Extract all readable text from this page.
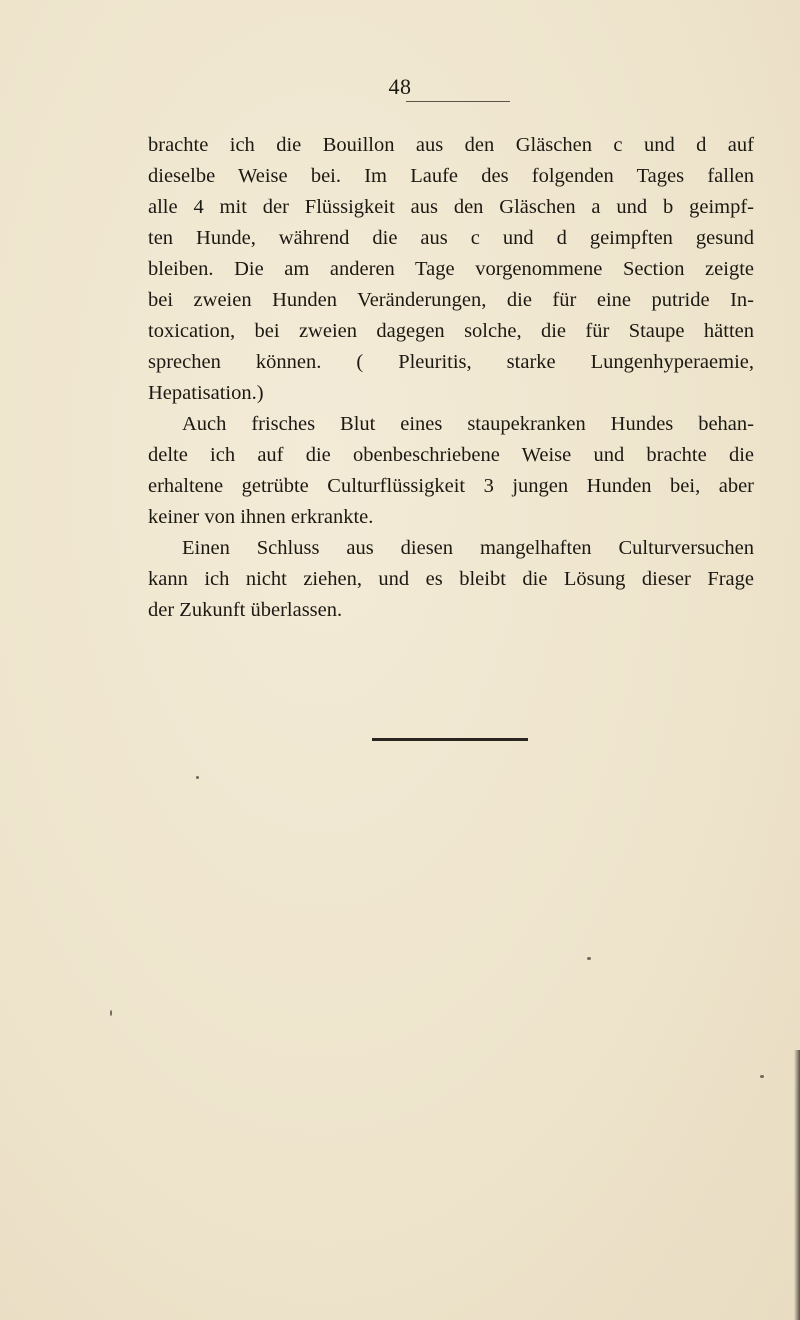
48
brachte ich die Bouillon aus den Gläschen c und d auf
dieselbe Weise bei. Im Laufe des folgenden Tages fallen
alle 4 mit der Flüssigkeit aus den Gläschen a und b geimpf-
ten Hunde, während die aus c und d geimpften gesund
bleiben. Die am anderen Tage vorgenommene Section zeigte
bei zweien Hunden Veränderungen, die für eine putride In-
toxication, bei zweien dagegen solche, die für Staupe hätten
sprechen können. ( Pleuritis, starke Lungenhyperaemie,
Hepatisation.)
Auch frisches Blut eines staupekranken Hundes behan-
delte ich auf die obenbeschriebene Weise und brachte die
erhaltene getrübte Culturflüssigkeit 3 jungen Hunden bei, aber
keiner von ihnen erkrankte.
Einen Schluss aus diesen mangelhaften Culturversuchen
kann ich nicht ziehen, und es bleibt die Lösung dieser Frage
der Zukunft überlassen.
